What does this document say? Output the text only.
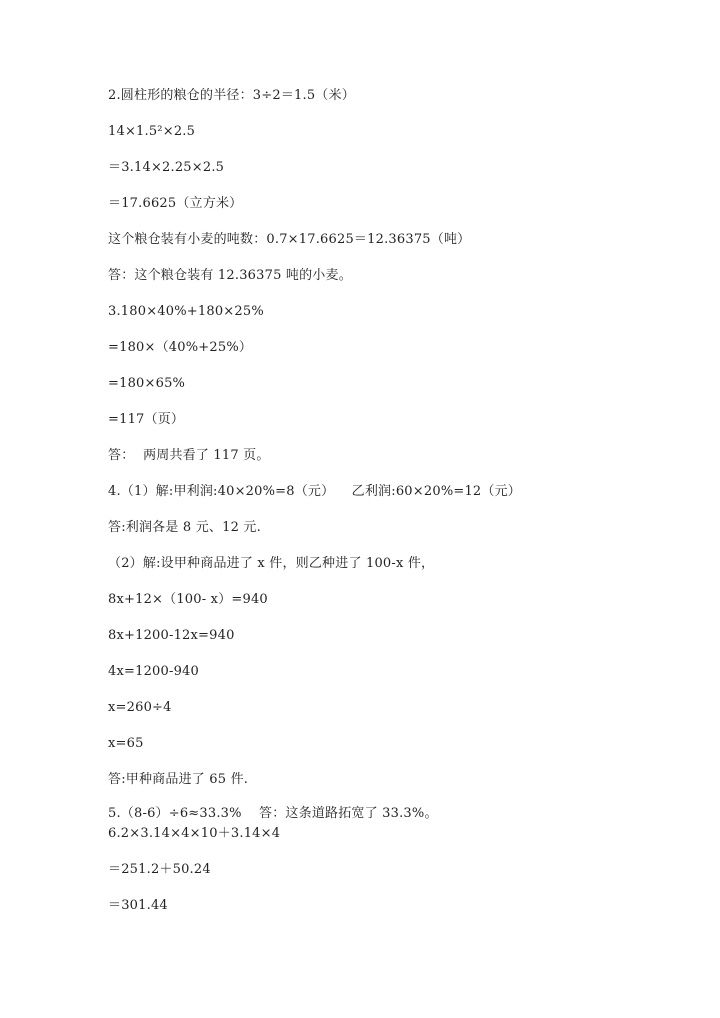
2.圆柱形的粮仓的半径：3÷2＝1.5（米）
14×1.5²×2.5
＝3.14×2.25×2.5
＝17.6625（立方米）
这个粮仓装有小麦的吨数：0.7×17.6625＝12.36375（吨）
答：这个粮仓装有 12.36375 吨的小麦。
3.180×40%+180×25%
=180×（40%+25%）
=180×65%
=117（页）
答：  两周共看了 117 页。
4.（1）解:甲利润:40×20%=8（元）    乙利润:60×20%=12（元）
答:利润各是 8 元、12 元.
（2）解:设甲种商品进了 x 件，则乙种进了 100-x 件，
8x+12×（100- x）=940
8x+1200-12x=940
4x=1200-940
x=260÷4
x=65
答:甲种商品进了 65 件.
5.（8-6）÷6≈33.3%    答：这条道路拓宽了 33.3%。
6.2×3.14×4×10＋3.14×4
＝251.2＋50.24
＝301.44
